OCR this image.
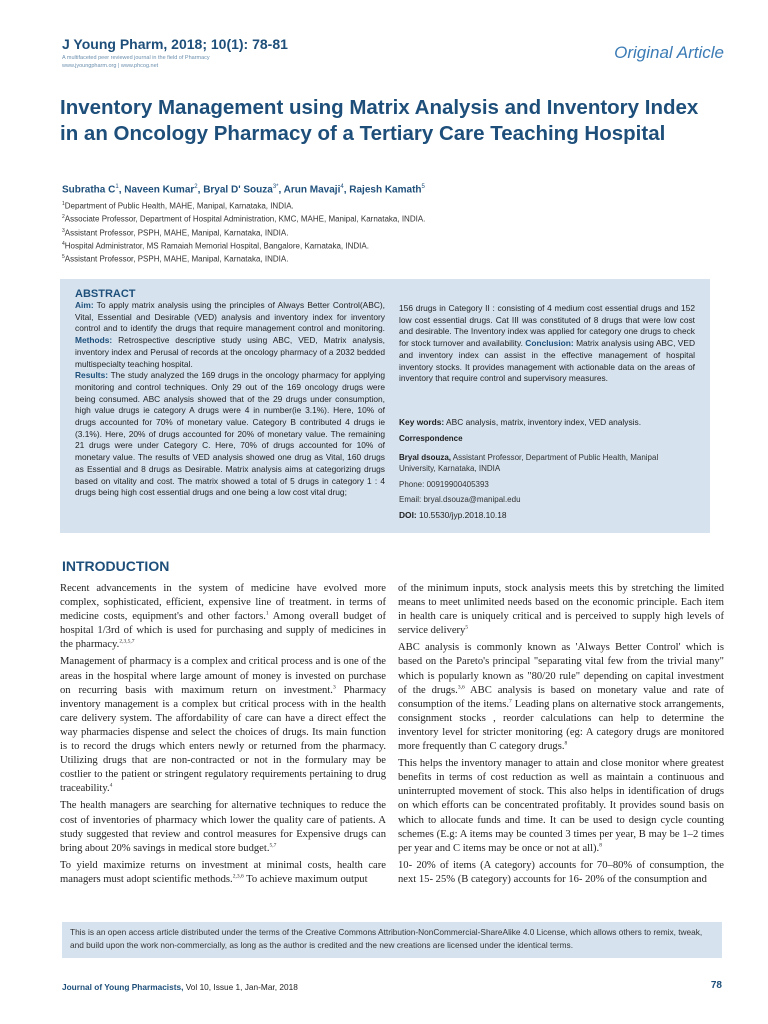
J Young Pharm, 2018; 10(1): 78-81
A multifaceted peer reviewed journal in the field of Pharmacy
www.jyoungpharm.org | www.phcog.net
Original Article
Inventory Management using Matrix Analysis and Inventory Index in an Oncology Pharmacy of a Tertiary Care Teaching Hospital
Subratha $C^1$, Naveen Kumar$^2$, Bryal D' Souza$^{3*}$, Arun Mavaji$^4$, Rajesh Kamath$^5$
$^1$Department of Public Health, MAHE, Manipal, Karnataka, INDIA.
$^2$Associate Professor, Department of Hospital Administration, KMC, MAHE, Manipal, Karnataka, INDIA.
$^3$Assistant Professor, PSPH, MAHE, Manipal, Karnataka, INDIA.
$^4$Hospital Administrator, MS Ramaiah Memorial Hospital, Bangalore, Karnataka, INDIA.
$^5$Assistant Professor, PSPH, MAHE, Manipal, Karnataka, INDIA.
ABSTRACT
Aim: To apply matrix analysis using the principles of Always Better Control(ABC), Vital, Essential and Desirable (VED) analysis and inventory index for inventory control and to identify the drugs that require management control and monitoring. Methods: Retrospective descriptive study using ABC, VED, Matrix analysis, inventory index and Perusal of records at the oncology pharmacy of a 2032 bedded multispecialty teaching hospital.
Results: The study analyzed the 169 drugs in the oncology pharmacy for applying monitoring and control techniques. Only 29 out of the 169 oncology drugs were being consumed. ABC analysis showed that of the 29 drugs under consumption, high value drugs ie category A drugs were 4 in number(ie 3.1%). Here, 10% of drugs accounted for 70% of monetary value. Category B contributed 4 drugs ie (3.1%). Here, 20% of drugs accounted for 20% of monetary value. The remaining 21 drugs were under Category C. Here, 70% of drugs accounted for 10% of monetary value. The results of VED analysis showed one drug as Vital, 160 drugs as Essential and 8 drugs as Desirable. Matrix analysis aims at categorizing drugs based on vitality and cost. The matrix showed a total of 5 drugs in category 1 : 4 drugs being high cost essential drugs and one being a low cost vital drug;
156 drugs in Category II : consisting of 4 medium cost essential drugs and 152 low cost essential drugs. Cat III was constituted of 8 drugs that were low cost and desirable. The Inventory index was applied for category one drugs to check for stock turnover and availability. Conclusion: Matrix analysis using ABC, VED and inventory index can assist in the effective management of hospital inventory stocks. It provides management with actionable data on the areas of inventory that require control and supervisory measures.
Key words: ABC analysis, matrix, inventory index, VED analysis.
Correspondence
Bryal dsouza, Assistant Professor, Department of Public Health, Manipal University, Karnataka, INDIA
Phone: 00919900405393
Email: bryal.dsouza@manipal.edu
DOI: 10.5530/jyp.2018.10.18
INTRODUCTION

Recent advancements in the system of medicine have evolved more complex, sophisticated, efficient, expensive line of treatment. in terms of medicine costs, equipment's and other factors.$^1$ Among overall budget of hospital 1/3rd of which is used for purchasing and supply of medicines in the pharmacy.$^{2,3,5,7}$

Management of pharmacy is a complex and critical process and is one of the areas in the hospital where large amount of money is invested on purchase on recurring basis with maximum return on investment.$^3$ Pharmacy inventory management is a complex but critical process with in the health care delivery system. The affordability of care can have a direct effect the way pharmacies dispense and select the choices of drugs. Its main function is to record the drugs which enters newly or returned from the pharmacy. Utilizing drugs that are non-contracted or not in the formulary may be costlier to the patient or stringent regulatory requirements pertaining to drug traceability.$^4$

The health managers are searching for alternative techniques to reduce the cost of inventories of pharmacy which lower the quality care of patients. A study suggested that review and control measures for Expensive drugs can bring about 20% savings in medical store budget.$^{5,7}$

To yield maximize returns on investment at minimal costs, health care managers must adopt scientific methods.$^{2,3,6}$ To achieve maximum output

of the minimum inputs, stock analysis meets this by stretching the limited means to meet unlimited needs based on the economic principle. Each item in health care is uniquely critical and is perceived to supply high levels of service delivery$^5$

ABC analysis is commonly known as 'Always Better Control' which is based on the Pareto's principal "separating vital few from the trivial many" which is popularly known as "80/20 rule" depending on capital investment of the drugs.$^{3,6}$ ABC analysis is based on monetary value and rate of consumption of the items.$^7$ Leading plans on alternative stock arrangements, consignment stocks , reorder calculations can help to determine the inventory level for stricter monitoring (eg: A category drugs are monitored more frequently than C category drugs.$^8$

This helps the inventory manager to attain and close monitor where greatest benefits in terms of cost reduction as well as maintain a continuous and uninterrupted movement of stock. This also helps in identification of drugs on which efforts can be concentrated profitably. It provides sound basis on which to allocate funds and time. It can be used to design cycle counting schemes (E.g: A items may be counted 3 times per year, B may be 1–2 times per year and C items may be once or not at all).$^8$

10- 20% of items (A category) accounts for 70–80% of consumption, the next 15- 25% (B category) accounts for 16- 20% of the consumption and

This is an open access article distributed under the terms of the Creative Commons Attribution-NonCommercial-ShareAlike 4.0 License, which allows others to remix, tweak, and build upon the work non-commercially, as long as the author is credited and the new creations are licensed under the identical terms.
Journal of Young Pharmacists, Vol 10, Issue 1, Jan-Mar, 2018	78
